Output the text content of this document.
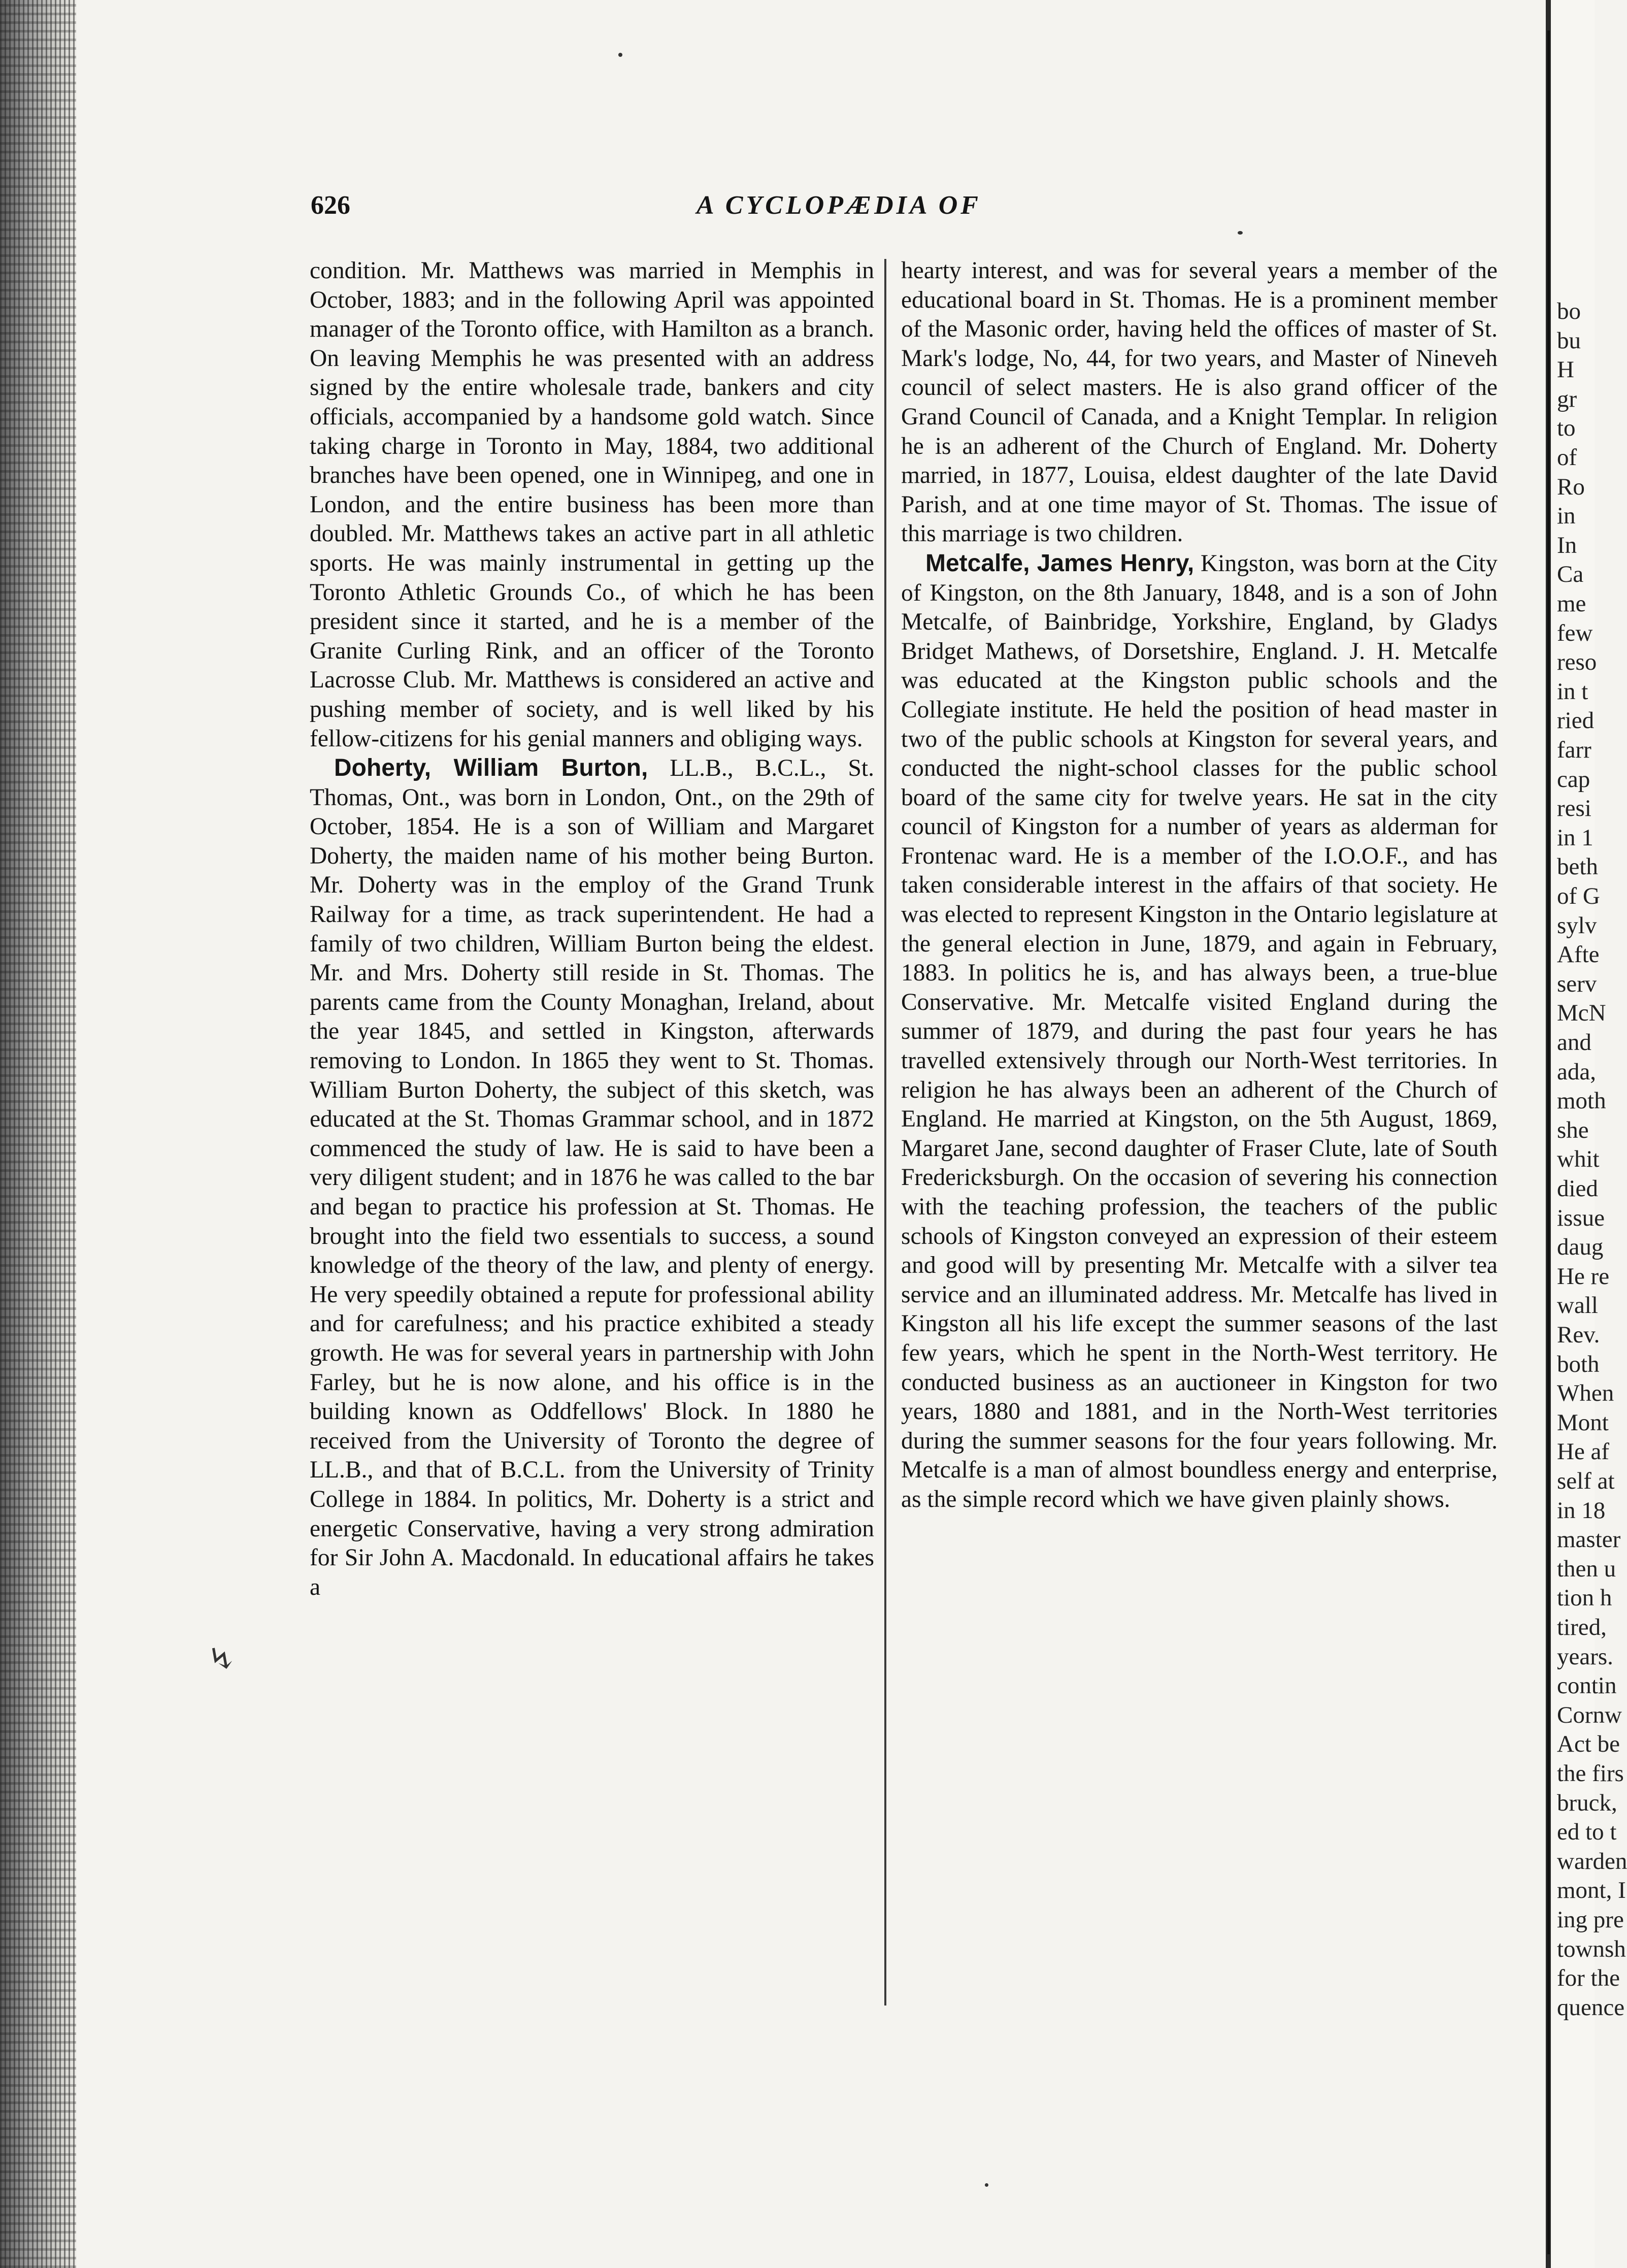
626	A CYCLOPÆDIA OF

condition. Mr. Matthews was married in Memphis in October, 1883; and in the following April was appointed manager of the Toronto office, with Hamilton as a branch. On leaving Memphis he was presented with an address signed by the entire wholesale trade, bankers and city officials, accompanied by a handsome gold watch. Since taking charge in Toronto in May, 1884, two additional branches have been opened, one in Winnipeg, and one in London, and the entire business has been more than doubled. Mr. Matthews takes an active part in all athletic sports. He was mainly instrumental in getting up the Toronto Athletic Grounds Co., of which he has been president since it started, and he is a member of the Granite Curling Rink, and an officer of the Toronto Lacrosse Club. Mr. Matthews is considered an active and pushing member of society, and is well liked by his fellow-citizens for his genial manners and obliging ways.

Doherty, William Burton, LL.B., B.C.L., St. Thomas, Ont., was born in London, Ont., on the 29th of October, 1854. He is a son of William and Margaret Doherty, the maiden name of his mother being Burton. Mr. Doherty was in the employ of the Grand Trunk Railway for a time, as track superintendent. He had a family of two children, William Burton being the eldest. Mr. and Mrs. Doherty still reside in St. Thomas. The parents came from the County Monaghan, Ireland, about the year 1845, and settled in Kingston, afterwards removing to London. In 1865 they went to St. Thomas. William Burton Doherty, the subject of this sketch, was educated at the St. Thomas Grammar school, and in 1872 commenced the study of law. He is said to have been a very diligent student; and in 1876 he was called to the bar and began to practice his profession at St. Thomas. He brought into the field two essentials to success, a sound knowledge of the theory of the law, and plenty of energy. He very speedily obtained a repute for professional ability and for carefulness; and his practice exhibited a steady growth. He was for several years in partnership with John Farley, but he is now alone, and his office is in the building known as Oddfellows' Block. In 1880 he received from the University of Toronto the degree of LL.B., and that of B.C.L. from the University of Trinity College in 1884. In politics, Mr. Doherty is a strict and energetic Conservative, having a very strong admiration for Sir John A. Macdonald. In educational affairs he takes a

hearty interest, and was for several years a member of the educational board in St. Thomas. He is a prominent member of the Masonic order, having held the offices of master of St. Mark's lodge, No, 44, for two years, and Master of Nineveh council of select masters. He is also grand officer of the Grand Council of Canada, and a Knight Templar. In religion he is an adherent of the Church of England. Mr. Doherty married, in 1877, Louisa, eldest daughter of the late David Parish, and at one time mayor of St. Thomas. The issue of this marriage is two children.

Metcalfe, James Henry, Kingston, was born at the City of Kingston, on the 8th January, 1848, and is a son of John Metcalfe, of Bainbridge, Yorkshire, England, by Gladys Bridget Mathews, of Dorsetshire, England. J. H. Metcalfe was educated at the Kingston public schools and the Collegiate institute. He held the position of head master in two of the public schools at Kingston for several years, and conducted the night-school classes for the public school board of the same city for twelve years. He sat in the city council of Kingston for a number of years as alderman for Frontenac ward. He is a member of the I.O.O.F., and has taken considerable interest in the affairs of that society. He was elected to represent Kingston in the Ontario legislature at the general election in June, 1879, and again in February, 1883. In politics he is, and has always been, a true-blue Conservative. Mr. Metcalfe visited England during the summer of 1879, and during the past four years he has travelled extensively through our North-West territories. In religion he has always been an adherent of the Church of England. He married at Kingston, on the 5th August, 1869, Margaret Jane, second daughter of Fraser Clute, late of South Fredericksburgh. On the occasion of severing his connection with the teaching profession, the teachers of the public schools of Kingston conveyed an expression of their esteem and good will by presenting Mr. Metcalfe with a silver tea service and an illuminated address. Mr. Metcalfe has lived in Kingston all his life except the summer seasons of the last few years, which he spent in the North-West territory. He conducted business as an auctioneer in Kingston for two years, 1880 and 1881, and in the North-West territories during the summer seasons for the four years following. Mr. Metcalfe is a man of almost boundless energy and enterprise, as the simple record which we have given plainly shows.

↯
bo
bu
H
gr
to
of
Ro
in
In
Ca
me
few
reso
in t
ried
farr
cap
resi
in 1
beth
of G
sylv
Afte
serv
McN
and
ada,
moth
she
whit
died
issue
daug
He re
wall
Rev.
both
When
Mont
He af
self at
in 18
master
then u
tion h
tired,
years.
contin
Cornw
Act be
the firs
bruck,
ed to t
warden
mont, I
ing pre
townsh
for the
quence
